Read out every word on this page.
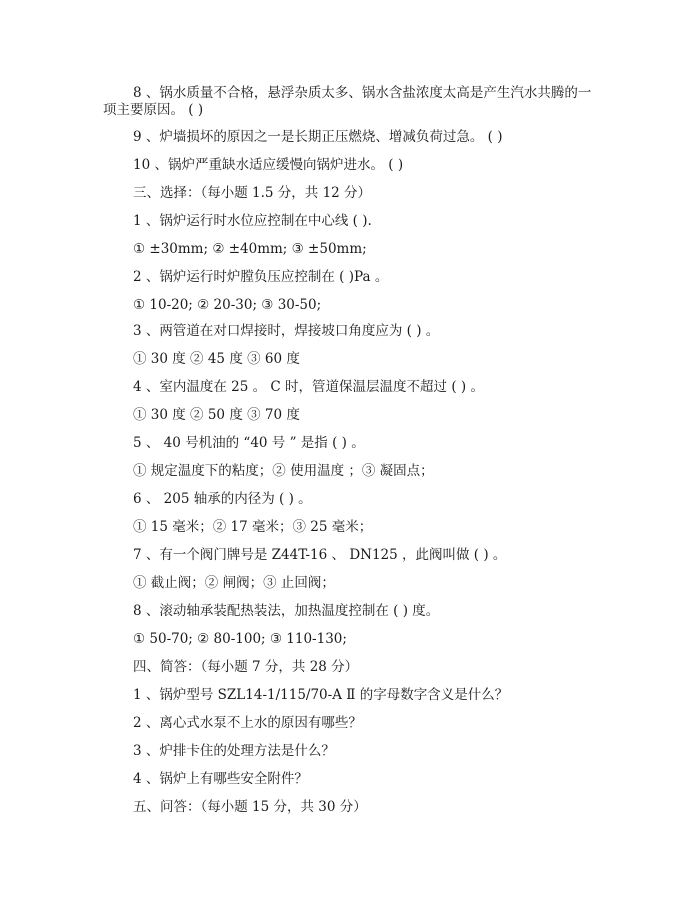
8 、锅水质量不合格，悬浮杂质太多、锅水含盐浓度太高是产生汽水共腾的一
项主要原因。 ( )
9 、炉墙损坏的原因之一是长期正压燃烧、增减负荷过急。 ( )
10 、锅炉严重缺水适应缓慢向锅炉进水。 ( )
三、选择：（每小题 1.5 分，共 12 分）
1 、锅炉运行时水位应控制在中心线 ( ).
① ±30mm; ② ±40mm; ③ ±50mm;
2 、锅炉运行时炉膛负压应控制在 ( )Pa 。
① 10-20; ② 20-30; ③ 30-50;
3 、两管道在对口焊接时，焊接坡口角度应为 ( ) 。
① 30 度 ② 45 度 ③ 60 度
4 、室内温度在 25 。 C 时，管道保温层温度不超过 ( ) 。
① 30 度 ② 50 度 ③ 70 度
5 、 40 号机油的 “40 号 ” 是指 ( ) 。
① 规定温度下的粘度；② 使用温度 ；③ 凝固点；
6 、 205 轴承的内径为 ( ) 。
① 15 毫米；② 17 毫米；③ 25 毫米；
7 、有一个阀门牌号是 Z44T-16 、 DN125 ，此阀叫做 ( ) 。
① 截止阀；② 闸阀；③ 止回阀；
8 、滚动轴承装配热装法，加热温度控制在 ( ) 度。
① 50-70; ② 80-100; ③ 110-130;
四、简答：（每小题 7 分，共 28 分）
1 、锅炉型号 SZL14-1/115/70-A Ⅱ 的字母数字含义是什么？
2 、离心式水泵不上水的原因有哪些？
3 、炉排卡住的处理方法是什么？
4 、锅炉上有哪些安全附件？
五、问答：（每小题 15 分，共 30 分）
